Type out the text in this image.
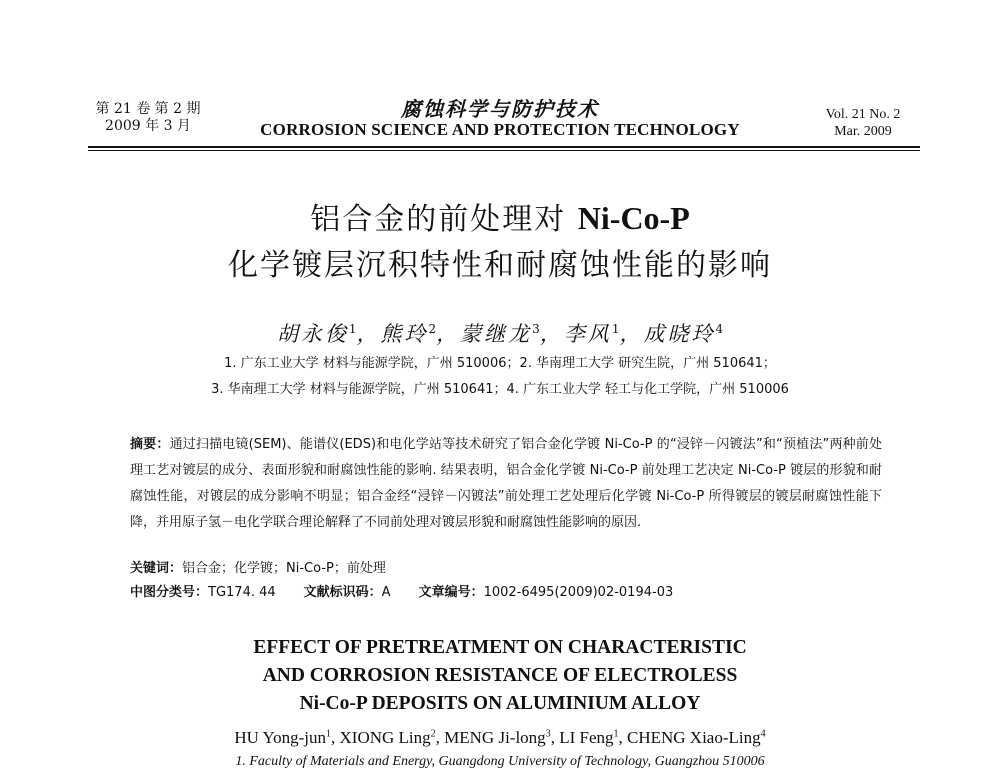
第 21 卷 第 2 期
2009 年 3 月
腐蚀科学与防护技术
CORROSION SCIENCE AND PROTECTION TECHNOLOGY
Vol. 21 No. 2
Mar. 2009
铝合金的前处理对 Ni-Co-P
化学镀层沉积特性和耐腐蚀性能的影响
胡永俊$^1$，熊玲$^2$，蒙继龙$^3$，李风$^1$，成晓玲$^4$
1. 广东工业大学 材料与能源学院，广州 510006；2. 华南理工大学 研究生院，广州 510641；
3. 华南理工大学 材料与能源学院，广州 510641；4. 广东工业大学 轻工与化工学院，广州 510006
摘要：通过扫描电镜(SEM)、能谱仪(EDS)和电化学站等技术研究了铝合金化学镀 Ni-Co-P 的“浸锌－闪镀法”和“预植法”两种前处理工艺对镀层的成分、表面形貌和耐腐蚀性能的影响. 结果表明，铝合金化学镀 Ni-Co-P 前处理工艺决定 Ni-Co-P 镀层的形貌和耐腐蚀性能，对镀层的成分影响不明显；铝合金经“浸锌－闪镀法”前处理工艺处理后化学镀 Ni-Co-P 所得镀层的镀层耐腐蚀性能下降，并用原子氢－电化学联合理论解释了不同前处理对镀层形貌和耐腐蚀性能影响的原因.
关键词：铝合金；化学镀；Ni-Co-P；前处理
中图分类号：TG174. 44 文献标识码：A 文章编号：1002-6495(2009)02-0194-03
EFFECT OF PRETREATMENT ON CHARACTERISTIC
AND CORROSION RESISTANCE OF ELECTROLESS
Ni-Co-P DEPOSITS ON ALUMINIUM ALLOY
HU Yong-jun$^1$, XIONG Ling$^2$, MENG Ji-long$^3$, LI Feng$^1$, CHENG Xiao-Ling$^4$
1. Faculty of Materials and Energy, Guangdong University of Technology, Guangzhou 510006
